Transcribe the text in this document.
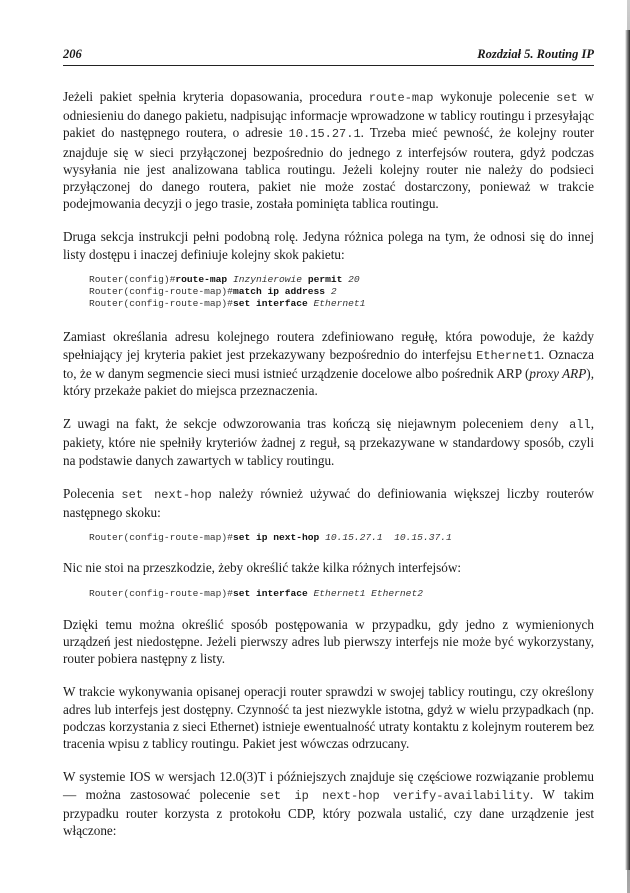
206	Rozdział 5. Routing IP

Jeżeli pakiet spełnia kryteria dopasowania, procedura route-map wykonuje polecenie set w odniesieniu do danego pakietu, nadpisując informacje wprowadzone w tablicy routingu i przesyłając pakiet do następnego routera, o adresie 10.15.27.1. Trzeba mieć pewność, że kolejny router znajduje się w sieci przyłączonej bezpośrednio do jednego z interfejsów routera, gdyż podczas wysyłania nie jest analizowana tablica routingu. Jeżeli kolejny router nie należy do podsieci przyłączonej do danego routera, pakiet nie może zostać dostarczony, ponieważ w trakcie podejmowania decyzji o jego trasie, została pominięta tablica routingu.

Druga sekcja instrukcji pełni podobną rolę. Jedyna różnica polega na tym, że odnosi się do innej listy dostępu i inaczej definiuje kolejny skok pakietu:

Router(config)#route-map Inzynierowie permit 20
Router(config-route-map)#match ip address 2
Router(config-route-map)#set interface Ethernet1

Zamiast określania adresu kolejnego routera zdefiniowano regułę, która powoduje, że każdy spełniający jej kryteria pakiet jest przekazywany bezpośrednio do interfejsu Ethernet1. Oznacza to, że w danym segmencie sieci musi istnieć urządzenie docelowe albo pośrednik ARP (proxy ARP), który przekaże pakiet do miejsca przeznaczenia.

Z uwagi na fakt, że sekcje odwzorowania tras kończą się niejawnym poleceniem deny all, pakiety, które nie spełniły kryteriów żadnej z reguł, są przekazywane w standardowy sposób, czyli na podstawie danych zawartych w tablicy routingu.

Polecenia set next-hop należy również używać do definiowania większej liczby routerów następnego skoku:

Router(config-route-map)#set ip next-hop 10.15.27.1 10.15.37.1

Nic nie stoi na przeszkodzie, żeby określić także kilka różnych interfejsów:

Router(config-route-map)#set interface Ethernet1 Ethernet2

Dzięki temu można określić sposób postępowania w przypadku, gdy jedno z wymienionych urządzeń jest niedostępne. Jeżeli pierwszy adres lub pierwszy interfejs nie może być wykorzystany, router pobiera następny z listy.

W trakcie wykonywania opisanej operacji router sprawdzi w swojej tablicy routingu, czy określony adres lub interfejs jest dostępny. Czynność ta jest niezwykle istotna, gdyż w wielu przypadkach (np. podczas korzystania z sieci Ethernet) istnieje ewentualność utraty kontaktu z kolejnym routerem bez tracenia wpisu z tablicy routingu. Pakiet jest wówczas odrzucany.

W systemie IOS w wersjach 12.0(3)T i późniejszych znajduje się częściowe rozwiązanie problemu — można zastosować polecenie set ip next-hop verify-availability. W takim przypadku router korzysta z protokołu CDP, który pozwala ustalić, czy dane urządzenie jest włączone:
